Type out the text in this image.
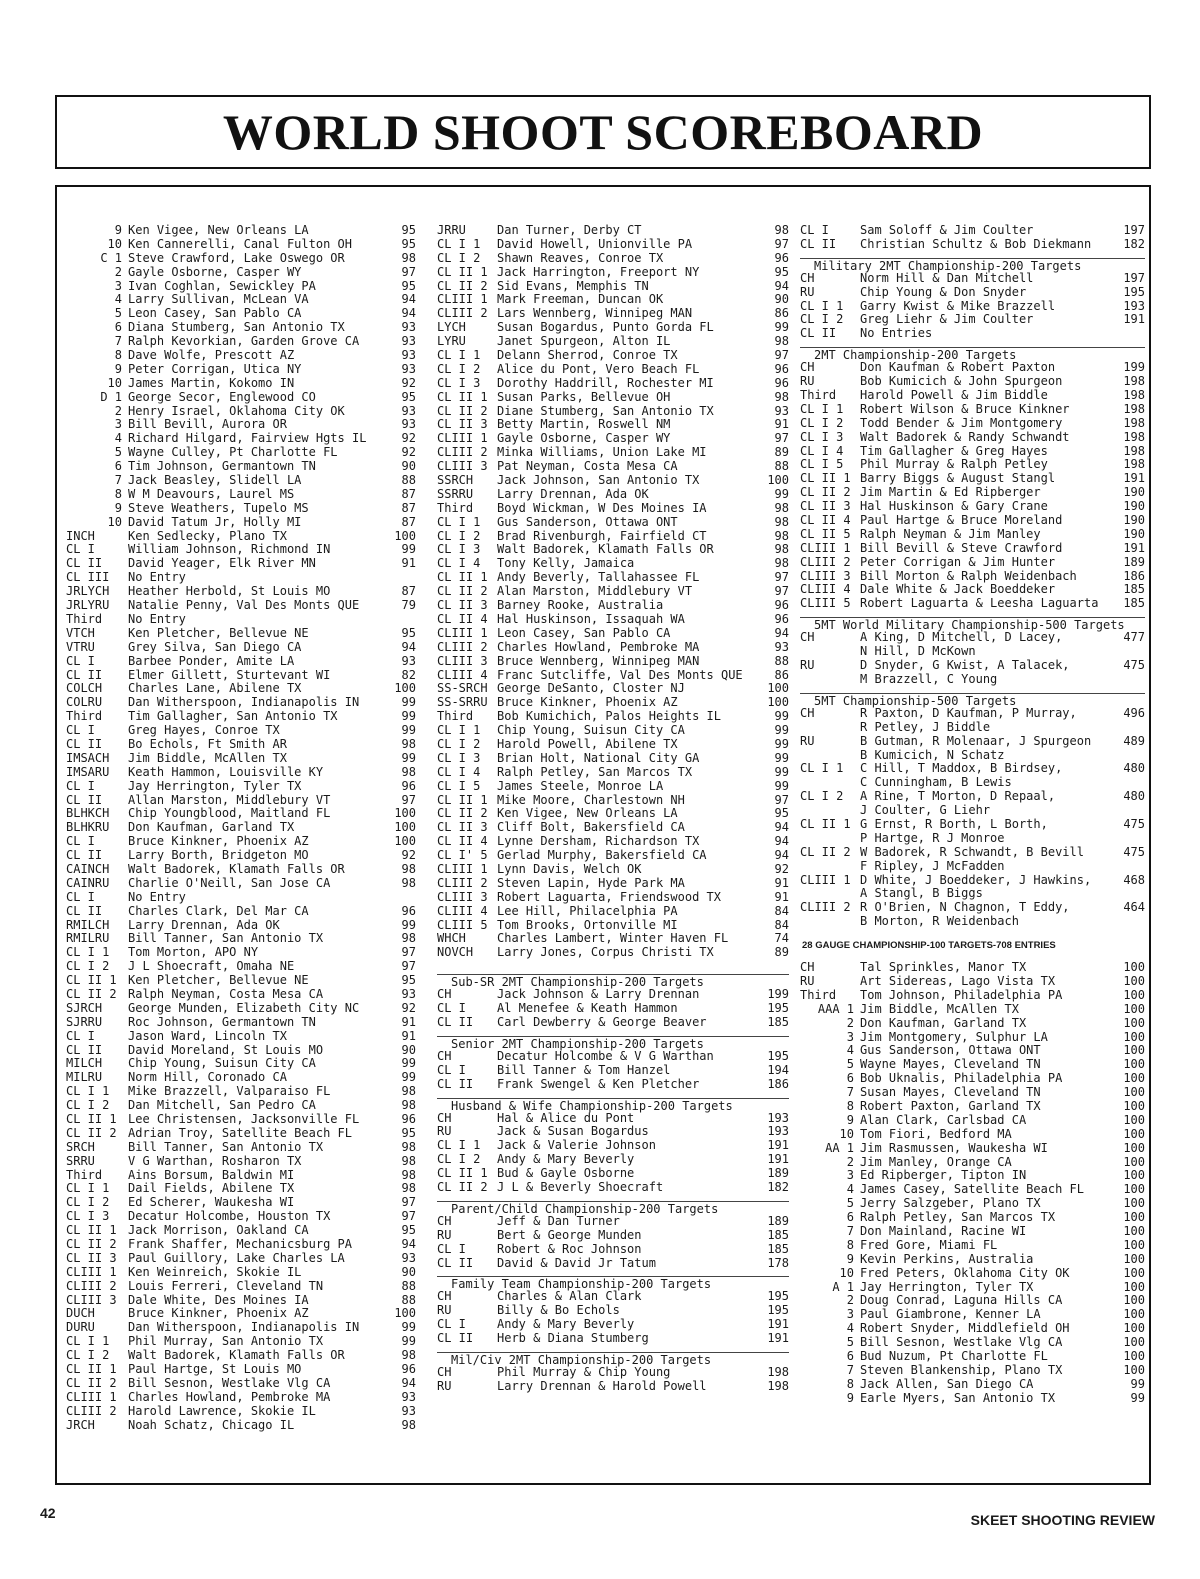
WORLD SHOOT SCOREBOARD
9 Ken Vigee, New Orleans LA	95
10 Ken Cannerelli, Canal Fulton OH	95
C 1 Steve Crawford, Lake Oswego OR	98
2 Gayle Osborne, Casper WY	97
3 Ivan Coghlan, Sewickley PA	95
4 Larry Sullivan, McLean VA	94
5 Leon Casey, San Pablo CA	94
6 Diana Stumberg, San Antonio TX	93
7 Ralph Kevorkian, Garden Grove CA	93
8 Dave Wolfe, Prescott AZ	93
9 Peter Corrigan, Utica NY	93
10 James Martin, Kokomo IN	92
D 1 George Secor, Englewood CO	95
2 Henry Israel, Oklahoma City OK	93
3 Bill Bevill, Aurora OR	93
4 Richard Hilgard, Fairview Hgts IL	92
5 Wayne Culley, Pt Charlotte FL	92
6 Tim Johnson, Germantown TN	90
7 Jack Beasley, Slidell LA	88
8 W M Deavours, Laurel MS	87
9 Steve Weathers, Tupelo MS	87
10 David Tatum Jr, Holly MI	87
INCH	Ken Sedlecky, Plano TX	100
CL I	William Johnson, Richmond IN	99
CL II	David Yeager, Elk River MN	91
CL III	No Entry
JRLYCH	Heather Herbold, St Louis MO	87
JRLYRU	Natalie Penny, Val Des Monts QUE	79
Third	No Entry
VTCH	Ken Pletcher, Bellevue NE	95
VTRU	Grey Silva, San Diego CA	94
CL I	Barbee Ponder, Amite LA	93
CL II	Elmer Gillett, Sturtevant WI	82
COLCH	Charles Lane, Abilene TX	100
COLRU	Dan Witherspoon, Indianapolis IN	99
Third	Tim Gallagher, San Antonio TX	99
CL I	Greg Hayes, Conroe TX	99
CL II	Bo Echols, Ft Smith AR	98
IMSACH	Jim Biddle, McAllen TX	99
IMSARU	Keath Hammon, Louisville KY	98
CL I	Jay Herrington, Tyler TX	96
CL II	Allan Marston, Middlebury VT	97
BLHKCH	Chip Youngblood, Maitland FL	100
BLHKRU	Don Kaufman, Garland TX	100
CL I	Bruce Kinkner, Phoenix AZ	100
CL II	Larry Borth, Bridgeton MO	92
CAINCH	Walt Badorek, Klamath Falls OR	98
CAINRU	Charlie O'Neill, San Jose CA	98
CL I	No Entry
CL II	Charles Clark, Del Mar CA	96
RMILCH	Larry Drennan, Ada OK	99
RMILRU	Bill Tanner, San Antonio TX	98
CL I 1	Tom Morton, APO NY	97
CL I 2	J L Shoecraft, Omaha NE	97
CL II 1 Ken Pletcher, Bellevue NE	95
CL II 2 Ralph Neyman, Costa Mesa CA	93
SJRCH	George Munden, Elizabeth City NC	92
SJRRU	Roc Johnson, Germantown TN	91
CL I	Jason Ward, Lincoln TX	91
CL II	David Moreland, St Louis MO	90
MILCH	Chip Young, Suisun City CA	99
MILRU	Norm Hill, Coronado CA	99
CL I 1	Mike Brazzell, Valparaiso FL	98
CL I 2	Dan Mitchell, San Pedro CA	98
CL II 1 Lee Christensen, Jacksonville FL	96
CL II 2 Adrian Troy, Satellite Beach FL	95
SRCH	Bill Tanner, San Antonio TX	98
SRRU	V G Warthan, Rosharon TX	98
Third	Ains Borsum, Baldwin MI	98
CL I 1	Dail Fields, Abilene TX	98
CL I 2	Ed Scherer, Waukesha WI	97
CL I 3	Decatur Holcombe, Houston TX	97
CL II 1 Jack Morrison, Oakland CA	95
CL II 2 Frank Shaffer, Mechanicsburg PA	94
CL II 3 Paul Guillory, Lake Charles LA	93
CLIII 1 Ken Weinreich, Skokie IL	90
CLIII 2 Louis Ferreri, Cleveland TN	88
CLIII 3 Dale White, Des Moines IA	88
DUCH	Bruce Kinkner, Phoenix AZ	100
DURU	Dan Witherspoon, Indianapolis IN	99
CL I 1	Phil Murray, San Antonio TX	99
CL I 2	Walt Badorek, Klamath Falls OR	98
CL II 1 Paul Hartge, St Louis MO	96
CL II 2 Bill Sesnon, Westlake Vlg CA	94
CLIII 1 Charles Howland, Pembroke MA	93
CLIII 2 Harold Lawrence, Skokie IL	93
JRCH	Noah Schatz, Chicago IL	98
JRRU	Dan Turner, Derby CT	98
CL I 1	David Howell, Unionville PA	97
CL I 2	Shawn Reaves, Conroe TX	96
CL II 1 Jack Harrington, Freeport NY	95
CL II 2 Sid Evans, Memphis TN	94
CLIII 1 Mark Freeman, Duncan OK	90
CLIII 2 Lars Wennberg, Winnipeg MAN	86
LYCH	Susan Bogardus, Punto Gorda FL	99
LYRU	Janet Spurgeon, Alton IL	98
CL I 1	Delann Sherrod, Conroe TX	97
CL I 2	Alice du Pont, Vero Beach FL	96
CL I 3	Dorothy Haddrill, Rochester MI	96
CL II 1 Susan Parks, Bellevue OH	98
CL II 2 Diane Stumberg, San Antonio TX	93
CL II 3 Betty Martin, Roswell NM	91
CLIII 1 Gayle Osborne, Casper WY	97
CLIII 2 Minka Williams, Union Lake MI	89
CLIII 3 Pat Neyman, Costa Mesa CA	88
SSRCH	Jack Johnson, San Antonio TX	100
SSRRU	Larry Drennan, Ada OK	99
Third	Boyd Wickman, W Des Moines IA	98
CL I 1	Gus Sanderson, Ottawa ONT	98
CL I 2	Brad Rivenburgh, Fairfield CT	98
CL I 3	Walt Badorek, Klamath Falls OR	98
CL I 4	Tony Kelly, Jamaica	98
CL II 1 Andy Beverly, Tallahassee FL	97
CL II 2 Alan Marston, Middlebury VT	97
CL II 3 Barney Rooke, Australia	96
CL II 4 Hal Huskinson, Issaquah WA	96
CLIII 1 Leon Casey, San Pablo CA	94
CLIII 2 Charles Howland, Pembroke MA	93
CLIII 3 Bruce Wennberg, Winnipeg MAN	88
CLIII 4 Franc Sutcliffe, Val Des Monts QUE	86
SS-SRCH George DeSanto, Closter NJ	100
SS-SRRU Bruce Kinkner, Phoenix AZ	100
Third	Bob Kumichich, Palos Heights IL	99
CL I 1	Chip Young, Suisun City CA	99
CL I 2	Harold Powell, Abilene TX	99
CL I 3	Brian Holt, National City GA	99
CL I 4	Ralph Petley, San Marcos TX	99
CL I 5	James Steele, Monroe LA	99
CL II 1 Mike Moore, Charlestown NH	97
CL II 2 Ken Vigee, New Orleans LA	95
CL II 3 Cliff Bolt, Bakersfield CA	94
CL II 4 Lynne Dersham, Richardson TX	94
CL I' 5 Gerlad Murphy, Bakersfield CA	94
CLIII 1 Lynn Davis, Welch OK	92
CLIII 2 Steven Lapin, Hyde Park MA	91
CLIII 3 Robert Laguarta, Friendswood TX	91
CLIII 4 Lee Hill, Philacelphia PA	84
CLIII 5 Tom Brooks, Ortonville MI	84
WHCH	Charles Lambert, Winter Haven FL	74
NOVCH	Larry Jones, Corpus Christi TX	89
Sub-SR 2MT Championship-200 Targets
CH	Jack Johnson & Larry Drennan	199
CL I	Al Menefee & Keath Hammon	195
CL II	Carl Dewberry & George Beaver	185
Senior 2MT Championship-200 Targets
CH	Decatur Holcombe & V G Warthan	195
CL I	Bill Tanner & Tom Hanzel	194
CL II	Frank Swengel & Ken Pletcher	186
Husband & Wife Championship-200 Targets
CH	Hal & Alice du Pont	193
RU	Jack & Susan Bogardus	193
CL I 1	Jack & Valerie Johnson	191
CL I 2	Andy & Mary Beverly	191
CL II 1 Bud & Gayle Osborne	189
CL II 2 J L & Beverly Shoecraft	182
Parent/Child Championship-200 Targets
CH	Jeff & Dan Turner	189
RU	Bert & George Munden	185
CL I	Robert & Roc Johnson	185
CL II	David & David Jr Tatum	178
Family Team Championship-200 Targets
CH	Charles & Alan Clark	195
RU	Billy & Bo Echols	195
CL I	Andy & Mary Beverly	191
CL II	Herb & Diana Stumberg	191
Mil/Civ 2MT Championship-200 Targets
CH	Phil Murray & Chip Young	198
RU	Larry Drennan & Harold Powell	198
CL I	Sam Soloff & Jim Coulter	197
CL II	Christian Schultz & Bob Diekmann	182
Military 2MT Championship-200 Targets
CH	Norm Hill & Dan Mitchell	197
RU	Chip Young & Don Snyder	195
CL I 1	Garry Kwist & Mike Brazzell	193
CL I 2	Greg Liehr & Jim Coulter	191
CL II	No Entries
2MT Championship-200 Targets
CH	Don Kaufman & Robert Paxton	199
RU	Bob Kumicich & John Spurgeon	198
Third	Harold Powell & Jim Biddle	198
CL I 1	Robert Wilson & Bruce Kinkner	198
CL I 2	Todd Bender & Jim Montgomery	198
CL I 3	Walt Badorek & Randy Schwandt	198
CL I 4	Tim Gallagher & Greg Hayes	198
CL I 5	Phil Murray & Ralph Petley	198
CL II 1 Barry Biggs & August Stangl	191
CL II 2 Jim Martin & Ed Ripberger	190
CL II 3 Hal Huskinson & Gary Crane	190
CL II 4 Paul Hartge & Bruce Moreland	190
CL II 5 Ralph Neyman & Jim Manley	190
CLIII 1 Bill Bevill & Steve Crawford	191
CLIII 2 Peter Corrigan & Jim Hunter	189
CLIII 3 Bill Morton & Ralph Weidenbach	186
CLIII 4 Dale White & Jack Boeddeker	185
CLIII 5 Robert Laguarta & Leesha Laguarta	185
5MT World Military Championship-500 Targets
CH	A King, D Mitchell, D Lacey,	477
N Hill, D McKown
RU	D Snyder, G Kwist, A Talacek,	475
M Brazzell, C Young
5MT Championship-500 Targets
CH	R Paxton, D Kaufman, P Murray,	496
R Petley, J Biddle
RU	B Gutman, R Molenaar, J Spurgeon	489
B Kumicich, N Schatz
CL I 1	C Hill, T Maddox, B Birdsey,	480
C Cunningham, B Lewis
CL I 2	A Rine, T Morton, D Repaal,	480
J Coulter, G Liehr
CL II 1 G Ernst, R Borth, L Borth,	475
P Hartge, R J Monroe
CL II 2 W Badorek, R Schwandt, B Bevill	475
F Ripley, J McFadden
CLIII 1 D White, J Boeddeker, J Hawkins,	468
A Stangl, B Biggs
CLIII 2 R O'Brien, N Chagnon, T Eddy,	464
B Morton, R Weidenbach
28 GAUGE CHAMPIONSHIP-100 TARGETS-708 ENTRIES
CH	Tal Sprinkles, Manor TX	100
RU	Art Sidereas, Lago Vista TX	100
Third	Tom Johnson, Philadelphia PA	100
AAA 1 Jim Biddle, McAllen TX	100
2 Don Kaufman, Garland TX	100
3 Jim Montgomery, Sulphur LA	100
4 Gus Sanderson, Ottawa ONT	100
5 Wayne Mayes, Cleveland TN	100
6 Bob Uknalis, Philadelphia PA	100
7 Susan Mayes, Cleveland TN	100
8 Robert Paxton, Garland TX	100
9 Alan Clark, Carlsbad CA	100
10 Tom Fiori, Bedford MA	100
AA 1 Jim Rasmussen, Waukesha WI	100
2 Jim Manley, Orange CA	100
3 Ed Ripberger, Tipton IN	100
4 James Casey, Satellite Beach FL	100
5 Jerry Salzgeber, Plano TX	100
6 Ralph Petley, San Marcos TX	100
7 Don Mainland, Racine WI	100
8 Fred Gore, Miami FL	100
9 Kevin Perkins, Australia	100
10 Fred Peters, Oklahoma City OK	100
A 1 Jay Herrington, Tyler TX	100
2 Doug Conrad, Laguna Hills CA	100
3 Paul Giambrone, Kenner LA	100
4 Robert Snyder, Middlefield OH	100
5 Bill Sesnon, Westlake Vlg CA	100
6 Bud Nuzum, Pt Charlotte FL	100
7 Steven Blankenship, Plano TX	100
8 Jack Allen, San Diego CA	99
9 Earle Myers, San Antonio TX	99
42	SKEET SHOOTING REVIEW
